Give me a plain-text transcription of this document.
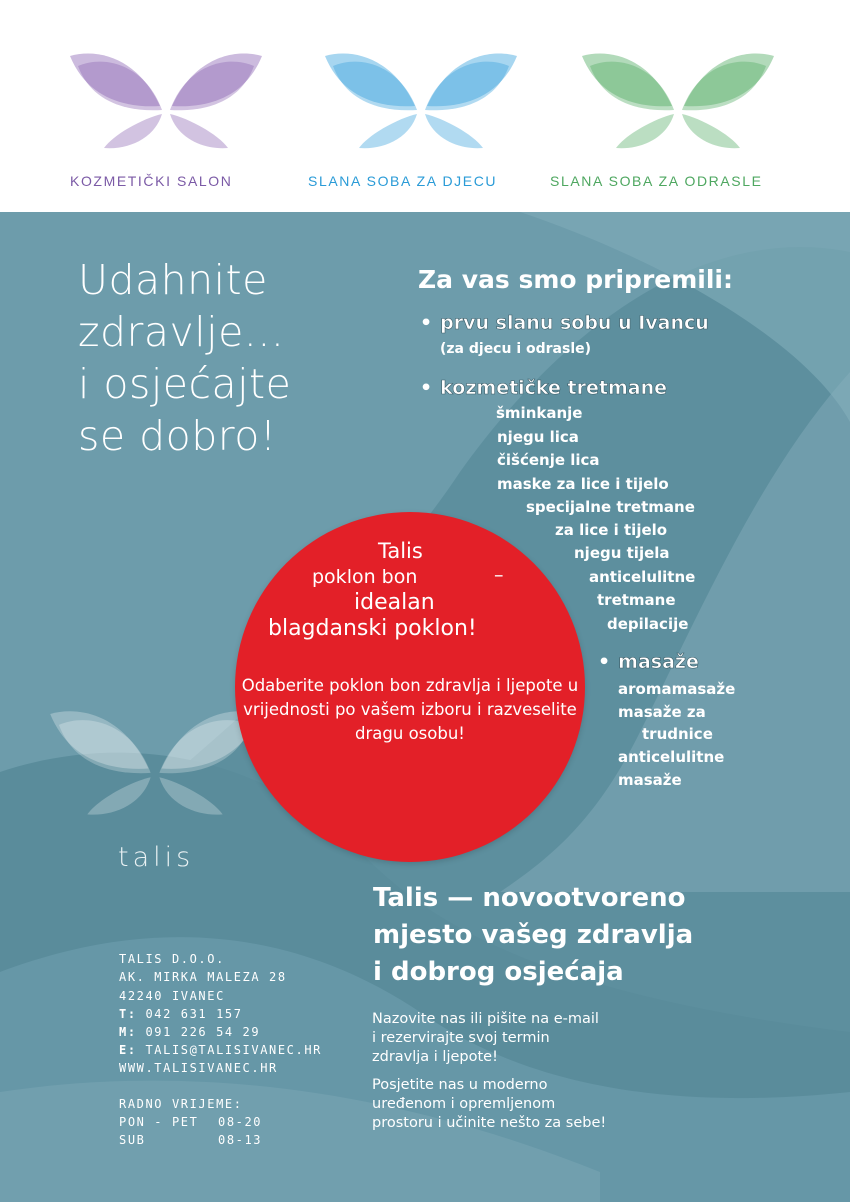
KOZMETIČKI SALON	SLANA SOBA ZA DJECU	SLANA SOBA ZA ODRASLE
Udahnite
zdravlje...
i osjećajte
se dobro!
Za vas smo pripremili:
• prvu slanu sobu u Ivancu
(za djecu i odrasle)
• kozmetičke tretmane
šminkanje
njegu lica
čišćenje lica
maske za lice i tijelo
specijalne tretmane
za lice i tijelo
njegu tijela
anticelulitne
tretmane
depilacije
• masaže
aromamasaže
masaže za
trudnice
anticelulitne
masaže
talis
Talis
poklon bon	–
idealan
blagdanski poklon!
Odaberite poklon bon zdravlja i ljepote u vrijednosti po vašem izboru i razveselite dragu osobu!
Talis — novootvoreno
mjesto vašeg zdravlja
i dobrog osjećaja
Nazovite nas ili pišite na e-mail i rezervirajte svoj termin zdravlja i ljepote!
Posjetite nas u moderno uređenom i opremljenom prostoru i učinite nešto za sebe!
TALIS D.O.O.
AK. MIRKA MALEZA 28
42240 IVANEC
T: 042 631 157
M: 091 226 54 29
E: TALIS@TALISIVANEC.HR
WWW.TALISIVANEC.HR
RADNO VRIJEME:
PON - PET 08-20
SUB	08-13
